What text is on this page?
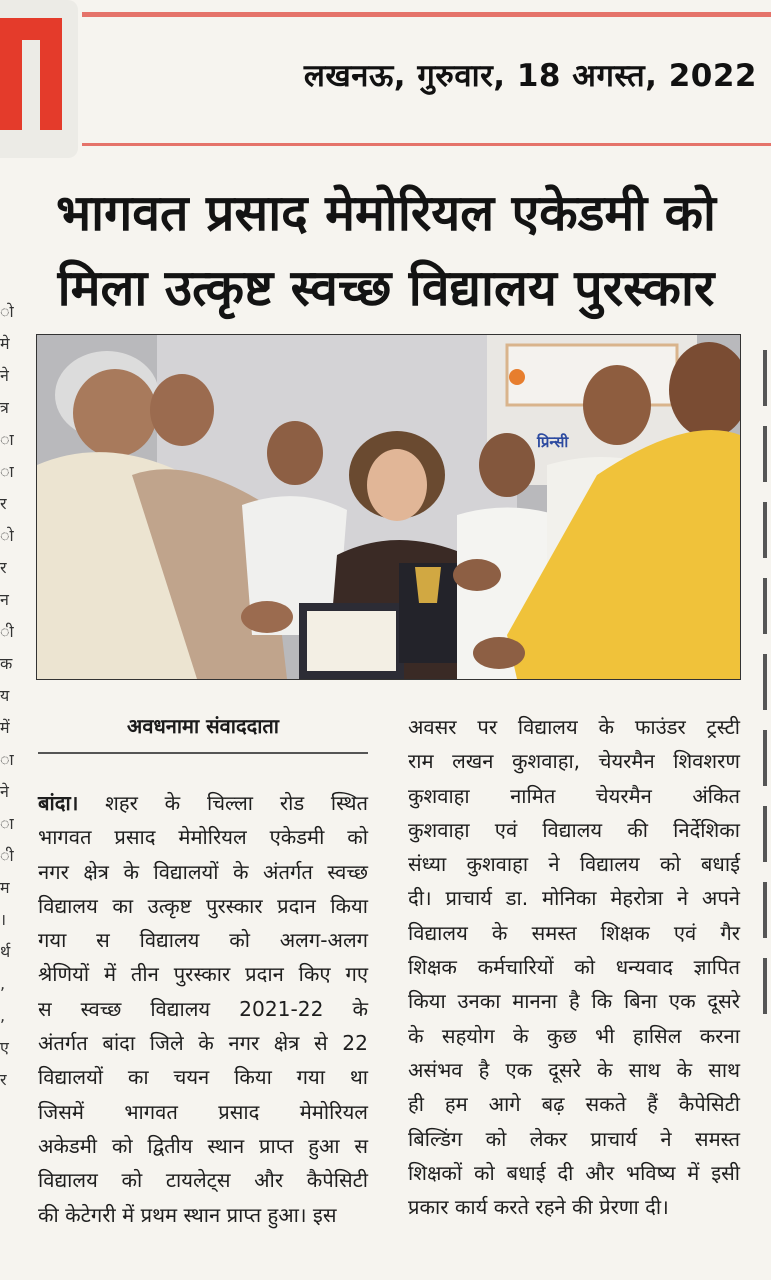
लखनऊ, गुरुवार, 18 अगस्त, 2022
ो
मे
ने
त्र
ा
ा
र
ो
र
न
ी
क
य
में
ा
ने
ा
ी
म
।
र्थ
,
,
ए
र
भागवत प्रसाद मेमोरियल एकेडमी को
मिला उत्कृष्ट स्वच्छ विद्यालय पुरस्कार
प्रिन्सी
अवधनामा संवाददाता
बांदा। शहर के चिल्ला रोड स्थित
भागवत प्रसाद मेमोरियल एकेडमी को
नगर क्षेत्र के विद्यालयों के अंतर्गत स्वच्छ
विद्यालय का उत्कृष्ट पुरस्कार प्रदान किया
गया स विद्यालय को अलग-अलग
श्रेणियों में तीन पुरस्कार प्रदान किए गए
स स्वच्छ विद्यालय 2021-22 के
अंतर्गत बांदा जिले के नगर क्षेत्र से 22
विद्यालयों का चयन किया गया था
जिसमें भागवत प्रसाद मेमोरियल
अकेडमी को द्वितीय स्थान प्राप्त हुआ स
विद्यालय को टायलेट्स और कैपेसिटी
की केटेगरी में प्रथम स्थान प्राप्त हुआ। इस
अवसर पर विद्यालय के फाउंडर ट्रस्टी
राम लखन कुशवाहा, चेयरमैन शिवशरण
कुशवाहा नामित चेयरमैन अंकित
कुशवाहा एवं विद्यालय की निर्देशिका
संध्या कुशवाहा ने विद्यालय को बधाई
दी। प्राचार्य डा. मोनिका मेहरोत्रा ने अपने
विद्यालय के समस्त शिक्षक एवं गैर
शिक्षक कर्मचारियों को धन्यवाद ज्ञापित
किया उनका मानना है कि बिना एक दूसरे
के सहयोग के कुछ भी हासिल करना
असंभव है एक दूसरे के साथ के साथ
ही हम आगे बढ़ सकते हैं कैपेसिटी
बिल्डिंग को लेकर प्राचार्य ने समस्त
शिक्षकों को बधाई दी और भविष्य में इसी
प्रकार कार्य करते रहने की प्रेरणा दी।
